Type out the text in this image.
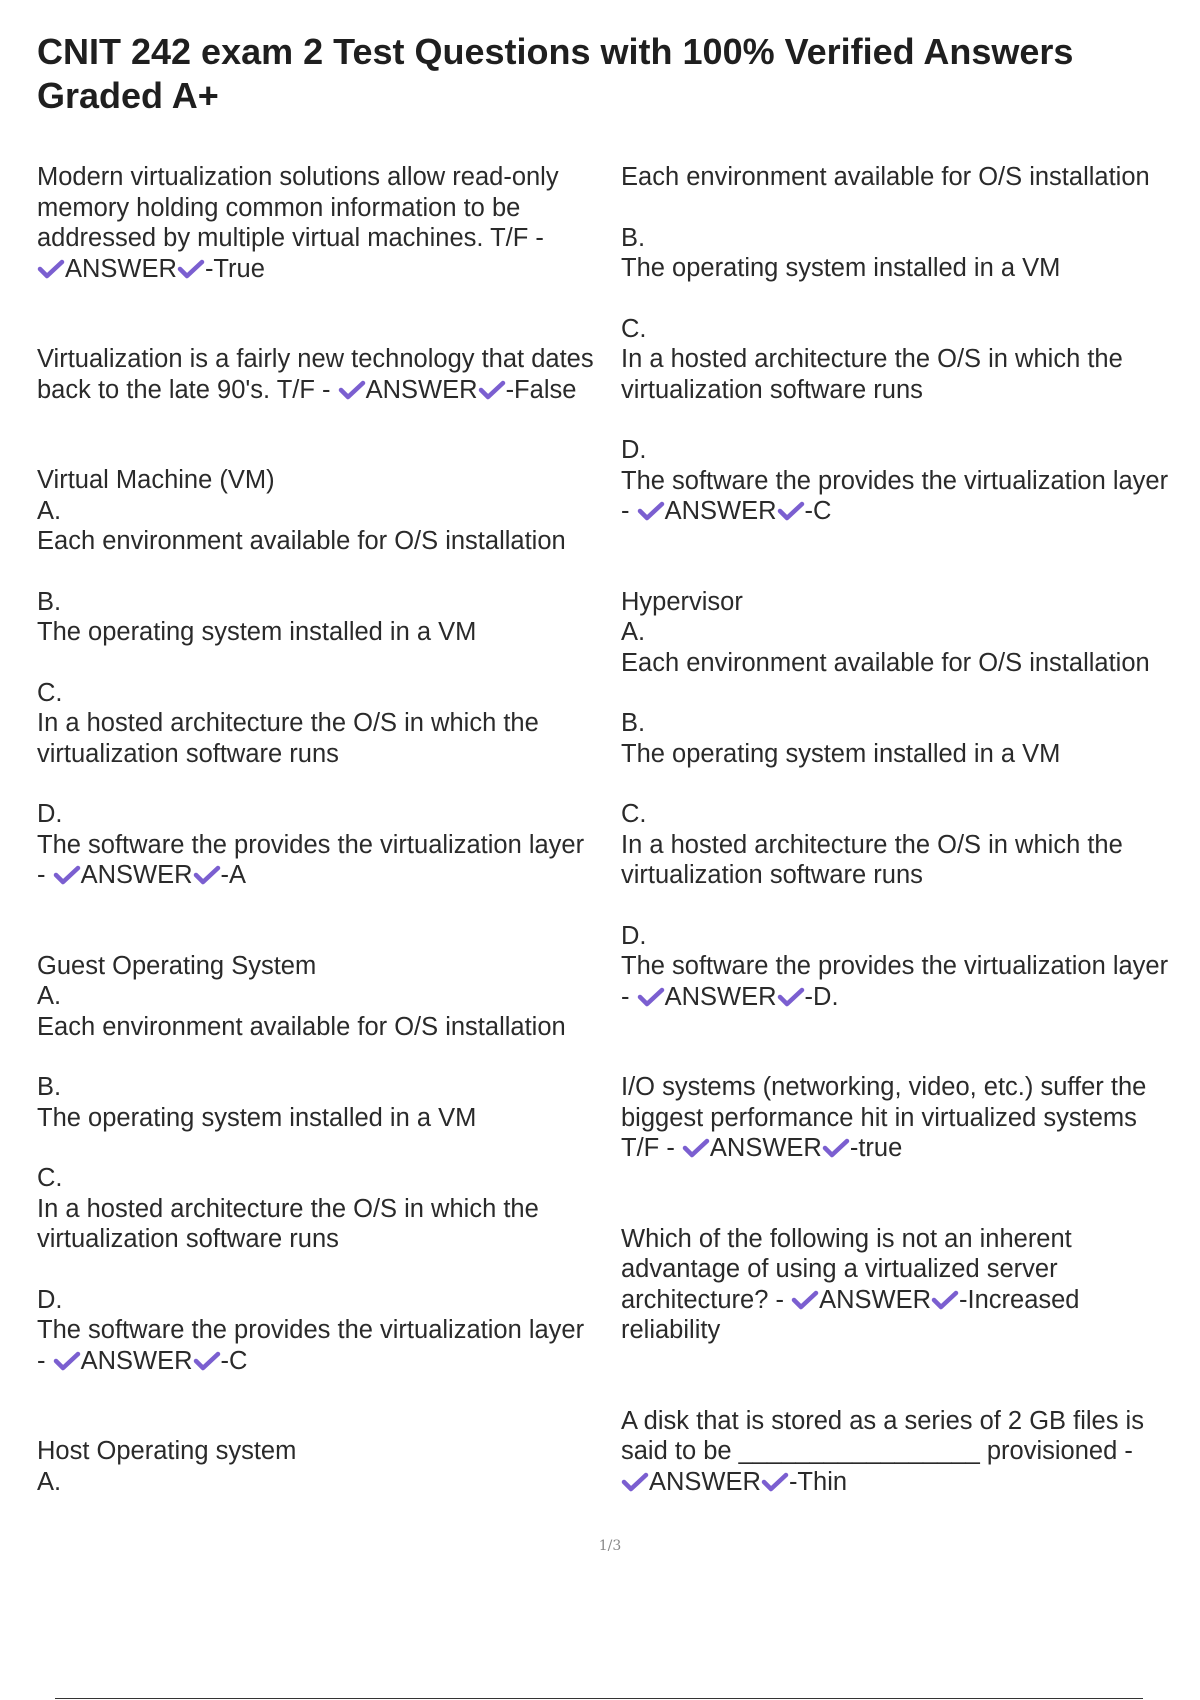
CNIT 242 exam 2 Test Questions with 100% Verified Answers
Graded A+
Modern virtualization solutions allow read-only
memory holding common information to be
addressed by multiple virtual machines. T/F -
ANSWER -True
Virtualization is a fairly new technology that dates
back to the late 90's. T/F - ANSWER -False
Virtual Machine (VM)
A.
Each environment available for O/S installation
B.
The operating system installed in a VM
C.
In a hosted architecture the O/S in which the
virtualization software runs
D.
The software the provides the virtualization layer
- ANSWER -A
Guest Operating System
A.
Each environment available for O/S installation
B.
The operating system installed in a VM
C.
In a hosted architecture the O/S in which the
virtualization software runs
D.
The software the provides the virtualization layer
- ANSWER -C
Host Operating system
A.
Each environment available for O/S installation
B.
The operating system installed in a VM
C.
In a hosted architecture the O/S in which the
virtualization software runs
D.
The software the provides the virtualization layer
- ANSWER -C
Hypervisor
A.
Each environment available for O/S installation
B.
The operating system installed in a VM
C.
In a hosted architecture the O/S in which the
virtualization software runs
D.
The software the provides the virtualization layer
- ANSWER -D.
I/O systems (networking, video, etc.) suffer the
biggest performance hit in virtualized systems
T/F - ANSWER -true
Which of the following is not an inherent
advantage of using a virtualized server
architecture? - ANSWER -Increased
reliability
A disk that is stored as a series of 2 GB files is
said to be _________________ provisioned -
ANSWER -Thin
1/3
